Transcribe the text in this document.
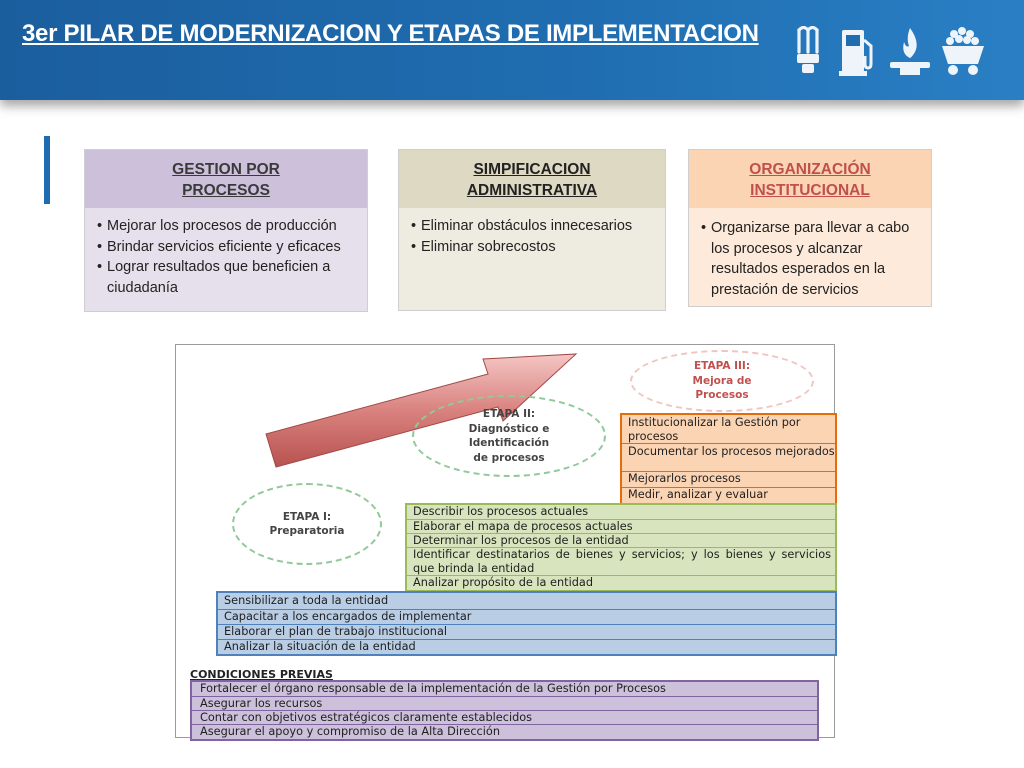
3er PILAR DE MODERNIZACION Y ETAPAS DE IMPLEMENTACION
GESTION POR
PROCESOS
• Mejorar los procesos de producción
• Brindar servicios eficiente y eficaces
• Lograr resultados que beneficien a ciudadanía
SIMPIFICACION
ADMINISTRATIVA
• Eliminar obstáculos innecesarios
• Eliminar sobrecostos
ORGANIZACIÓN
INSTITUCIONAL
• Organizarse para llevar a cabo los procesos y alcanzar resultados esperados en la prestación de servicios
ETAPA III:
Mejora de
Procesos
ETAPA II:
Diagnóstico e
Identificación
de procesos
ETAPA I:
Preparatoria
Institucionalizar la Gestión por procesos
Documentar los procesos mejorados
Mejorarlos procesos
Medir, analizar y evaluar
Describir los procesos actuales
Elaborar el mapa de procesos actuales
Determinar los procesos de la entidad
Identificar destinatarios de bienes y servicios; y los bienes y servicios que brinda la entidad
Analizar propósito de la entidad
Sensibilizar a toda la entidad
Capacitar a los encargados de implementar
Elaborar el plan de trabajo institucional
Analizar la situación de la entidad
CONDICIONES PREVIAS
Fortalecer el órgano responsable de la implementación de la Gestión por Procesos
Asegurar los recursos
Contar con objetivos estratégicos claramente establecidos
Asegurar el apoyo y compromiso de la Alta Dirección
